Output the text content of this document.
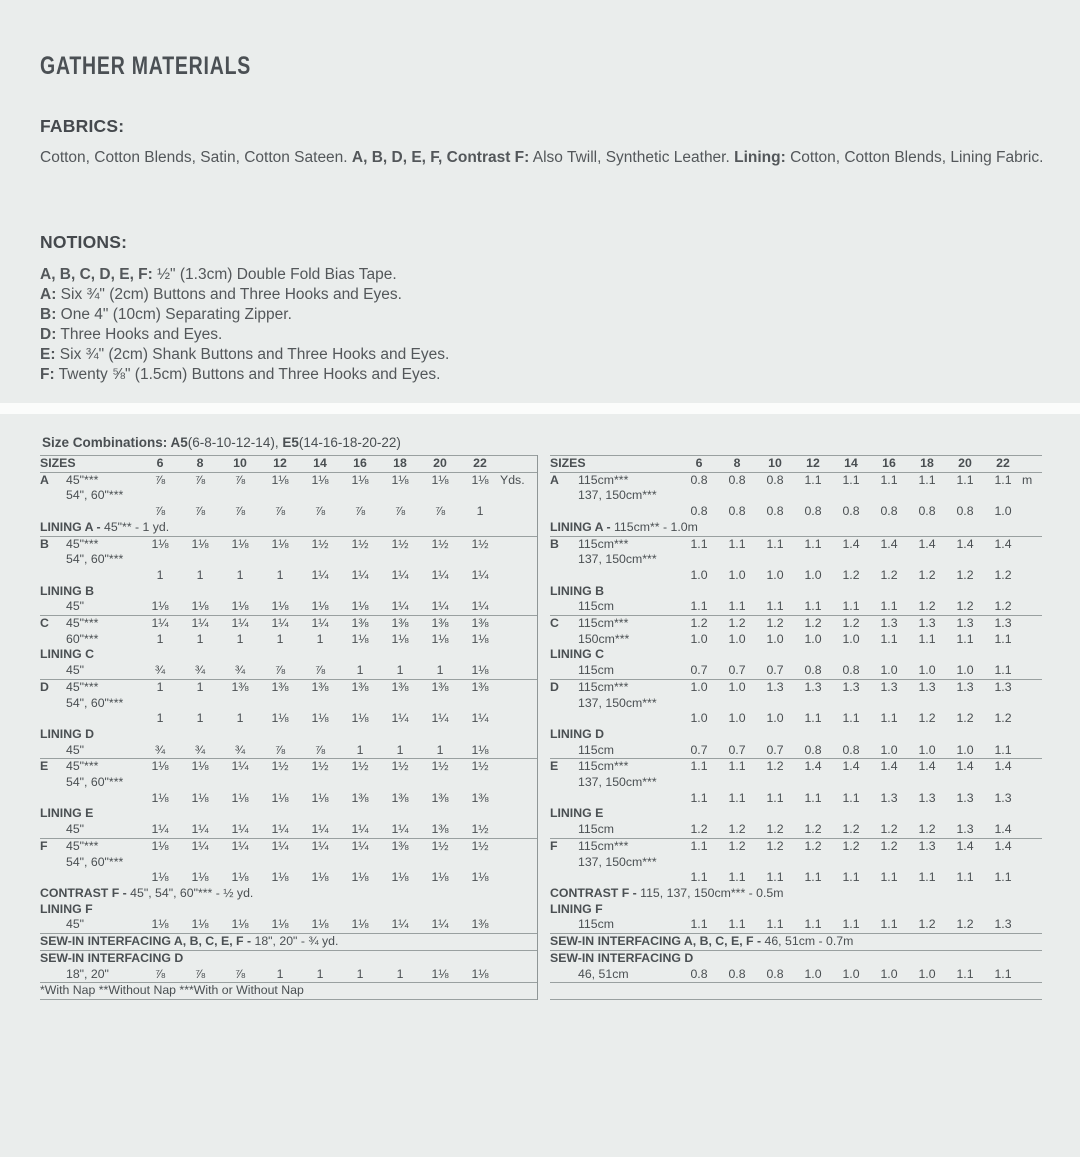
GATHER MATERIALS
FABRICS:
Cotton, Cotton Blends, Satin, Cotton Sateen. A, B, D, E, F, Contrast F: Also Twill, Synthetic Leather. Lining: Cotton, Cotton Blends, Lining Fabric.
NOTIONS:
A, B, C, D, E, F: ½" (1.3cm) Double Fold Bias Tape.
A: Six ¾" (2cm) Buttons and Three Hooks and Eyes.
B: One 4" (10cm) Separating Zipper.
D: Three Hooks and Eyes.
E: Six ¾" (2cm) Shank Buttons and Three Hooks and Eyes.
F: Twenty ⅝" (1.5cm) Buttons and Three Hooks and Eyes.
Size Combinations: A5(6-8-10-12-14), E5(14-16-18-20-22)
SIZES	6	8	10	12	14	16	18	20	22
A	45"***	⅞	⅞	⅞	1⅛	1⅛	1⅛	1⅛	1⅛	1⅛ Yds.
54", 60"***
⅞	⅞	⅞	⅞	⅞	⅞	⅞	⅞	1
LINING A - 45"** - 1 yd.
B	45"***	1⅛	1⅛	1⅛	1⅛	1½	1½	1½	1½	1½
54", 60"***
1	1	1	1	1¼	1¼	1¼	1¼	1¼
LINING B
45"	1⅛	1⅛	1⅛	1⅛	1⅛	1⅛	1¼	1¼	1¼
C	45"***	1¼	1¼	1¼	1¼	1¼	1⅜	1⅜	1⅜	1⅜
60"***	1	1	1	1	1	1⅛	1⅛	1⅛	1⅛
LINING C
45"	¾	¾	¾	⅞	⅞	1	1	1	1⅛
D	45"***	1	1	1⅜	1⅜	1⅜	1⅜	1⅜	1⅜	1⅜
54", 60"***
1	1	1	1⅛	1⅛	1⅛	1¼	1¼	1¼
LINING D
45"	¾	¾	¾	⅞	⅞	1	1	1	1⅛
E	45"***	1⅛	1⅛	1¼	1½	1½	1½	1½	1½	1½
54", 60"***
1⅛	1⅛	1⅛	1⅛	1⅛	1⅜	1⅜	1⅜	1⅜
LINING E
45"	1¼	1¼	1¼	1¼	1¼	1¼	1¼	1⅜	1½
F	45"***	1⅛	1¼	1¼	1¼	1¼	1¼	1⅜	1½	1½
54", 60"***
1⅛	1⅛	1⅛	1⅛	1⅛	1⅛	1⅛	1⅛	1⅛
CONTRAST F - 45", 54", 60"*** - ½ yd.
LINING F
45"	1⅛	1⅛	1⅛	1⅛	1⅛	1⅛	1¼	1¼	1⅜
SEW-IN INTERFACING A, B, C, E, F - 18", 20" - ¾ yd.
SEW-IN INTERFACING D
18", 20"	⅞	⅞	⅞	1	1	1	1	1⅛	1⅛
*With Nap **Without Nap ***With or Without Nap
SIZES	6	8	10	12	14	16	18	20	22
A	115cm***	0.8	0.8	0.8	1.1	1.1	1.1	1.1	1.1	1.1 m
137, 150cm***
0.8	0.8	0.8	0.8	0.8	0.8	0.8	0.8	1.0
LINING A - 115cm** - 1.0m
B	115cm***	1.1	1.1	1.1	1.1	1.4	1.4	1.4	1.4	1.4
137, 150cm***
1.0	1.0	1.0	1.0	1.2	1.2	1.2	1.2	1.2
LINING B
115cm	1.1	1.1	1.1	1.1	1.1	1.1	1.2	1.2	1.2
C	115cm***	1.2	1.2	1.2	1.2	1.2	1.3	1.3	1.3	1.3
150cm***	1.0	1.0	1.0	1.0	1.0	1.1	1.1	1.1	1.1
LINING C
115cm	0.7	0.7	0.7	0.8	0.8	1.0	1.0	1.0	1.1
D	115cm***	1.0	1.0	1.3	1.3	1.3	1.3	1.3	1.3	1.3
137, 150cm***
1.0	1.0	1.0	1.1	1.1	1.1	1.2	1.2	1.2
LINING D
115cm	0.7	0.7	0.7	0.8	0.8	1.0	1.0	1.0	1.1
E	115cm***	1.1	1.1	1.2	1.4	1.4	1.4	1.4	1.4	1.4
137, 150cm***
1.1	1.1	1.1	1.1	1.1	1.3	1.3	1.3	1.3
LINING E
115cm	1.2	1.2	1.2	1.2	1.2	1.2	1.2	1.3	1.4
F	115cm***	1.1	1.2	1.2	1.2	1.2	1.2	1.3	1.4	1.4
137, 150cm***
1.1	1.1	1.1	1.1	1.1	1.1	1.1	1.1	1.1
CONTRAST F - 115, 137, 150cm*** - 0.5m
LINING F
115cm	1.1	1.1	1.1	1.1	1.1	1.1	1.2	1.2	1.3
SEW-IN INTERFACING A, B, C, E, F - 46, 51cm - 0.7m
SEW-IN INTERFACING D
46, 51cm	0.8	0.8	0.8	1.0	1.0	1.0	1.0	1.1	1.1
